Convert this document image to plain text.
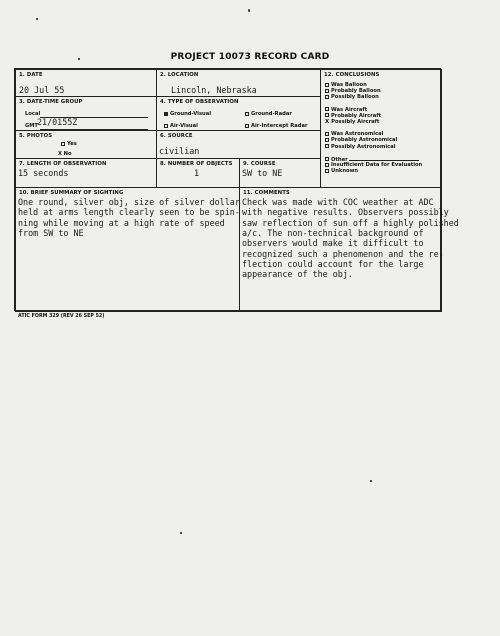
PROJECT 10073 RECORD CARD
1. DATE
20 Jul 55
2. LOCATION
Lincoln, Nebraska
3. DATE-TIME GROUP
Local
GMT 21/0155Z
4. TYPE OF OBSERVATION
Ground-Visual	Ground-Radar
Air-Visual	Air-Intercept Radar
5. PHOTOS
Yes
X No
6. SOURCE
civilian
7. LENGTH OF OBSERVATION
15 seconds
8. NUMBER OF OBJECTS
1
9. COURSE
SW to NE
12. CONCLUSIONS
Was Balloon
Probably Balloon
Possibly Balloon
Was Aircraft
Probably Aircraft
X Possibly Aircraft
Was Astronomical
Probably Astronomical
Possibly Astronomical
Other
Insufficient Data for Evaluation
Unknown
10. BRIEF SUMMARY OF SIGHTING
One round, silver obj, size of silver dollar
held at arms length clearly seen to be spin-
ning while moving at a high rate of speed
from SW to NE
11. COMMENTS
Check was made with COC weather at ADC
with negative results. Observers possibly
saw reflection of sun off a highly polished
a/c. The non-technical background of
observers would make it difficult to
recognized such a phenomenon and the re-
flection could account for the large
appearance of the obj.
ATIC FORM 329 (REV 26 SEP 52)
